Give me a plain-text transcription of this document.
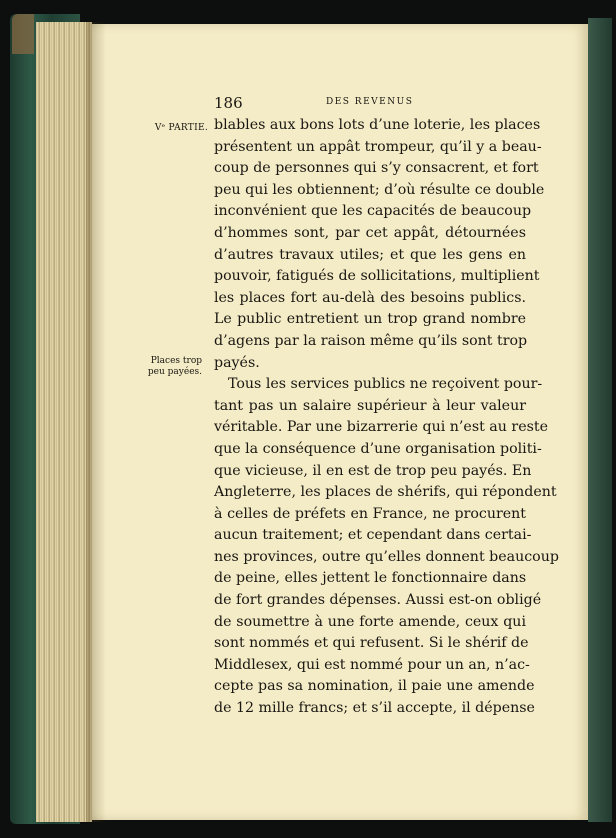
186	DES REVENUS
Vᵉ PARTIE.
Places trop
peu payées.
blables aux bons lots d’une loterie, les places
présentent un appât trompeur, qu’il y a beau-
coup de personnes qui s’y consacrent, et fort
peu qui les obtiennent; d’où résulte ce double
inconvénient que les capacités de beaucoup
d’hommes sont, par cet appât, détournées
d’autres travaux utiles; et que les gens en
pouvoir, fatigués de sollicitations, multiplient
les places fort au-delà des besoins publics.
Le public entretient un trop grand nombre
d’agens par la raison même qu’ils sont trop
payés.
Tous les services publics ne reçoivent pour-
tant pas un salaire supérieur à leur valeur
véritable. Par une bizarrerie qui n’est au reste
que la conséquence d’une organisation politi-
que vicieuse, il en est de trop peu payés. En
Angleterre, les places de shérifs, qui répondent
à celles de préfets en France, ne procurent
aucun traitement; et cependant dans certai-
nes provinces, outre qu’elles donnent beaucoup
de peine, elles jettent le fonctionnaire dans
de fort grandes dépenses. Aussi est-on obligé
de soumettre à une forte amende, ceux qui
sont nommés et qui refusent. Si le shérif de
Middlesex, qui est nommé pour un an, n’ac-
cepte pas sa nomination, il paie une amende
de 12 mille francs; et s’il accepte, il dépense
